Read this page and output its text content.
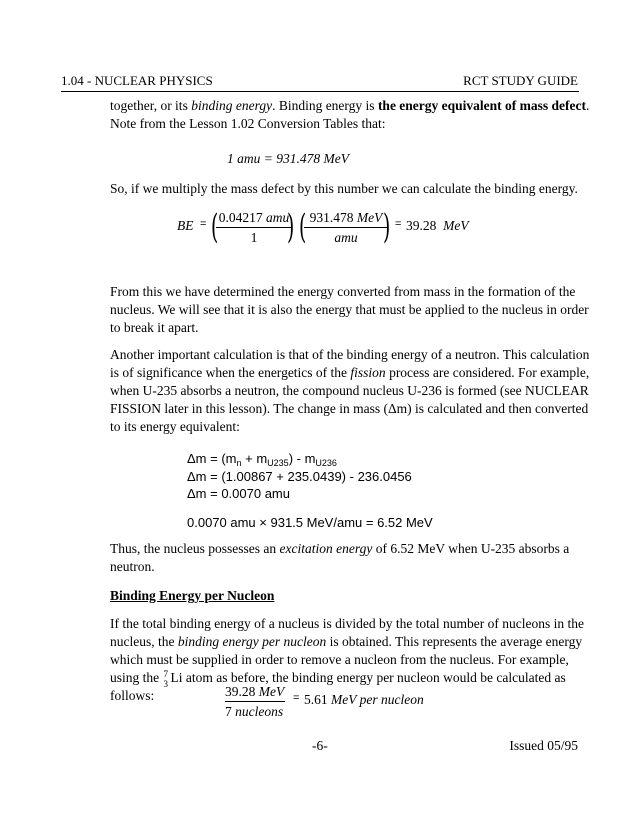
1.04 - NUCLEAR PHYSICS	RCT STUDY GUIDE
together, or its binding energy. Binding energy is the energy equivalent of mass defect.
Note from the Lesson 1.02 Conversion Tables that:
1 amu = 931.478 MeV
So, if we multiply the mass defect by this number we can calculate the binding energy.
BE = ( 0.04217 amu
1 ) ( 931.478 MeV
amu ) = 39.28 MeV
From this we have determined the energy converted from mass in the formation of the
nucleus. We will see that it is also the energy that must be applied to the nucleus in order
to break it apart.
Another important calculation is that of the binding energy of a neutron. This calculation
is of significance when the energetics of the fission process are considered. For example,
when U-235 absorbs a neutron, the compound nucleus U-236 is formed (see NUCLEAR
FISSION later in this lesson). The change in mass (Δm) is calculated and then converted
to its energy equivalent:
$\Delta m = (m_n + m_{U235}) - m_{U236}$
Δm = (1.00867 + 235.0439) - 236.0456
Δm = 0.0070 amu
0.0070 amu × 931.5 MeV/amu = 6.52 MeV
Thus, the nucleus possesses an excitation energy of 6.52 MeV when U-235 absorbs a
neutron.
Binding Energy per Nucleon
If the total binding energy of a nucleus is divided by the total number of nucleons in the
nucleus, the binding energy per nucleon is obtained. This represents the average energy
which must be supplied in order to remove a nucleon from the nucleus. For example,
using the 7
3 Li atom as before, the binding energy per nucleon would be calculated as
follows:	39.28 MeV
7 nucleons
= 5.61 MeV per nucleon
-6-	Issued 05/95
